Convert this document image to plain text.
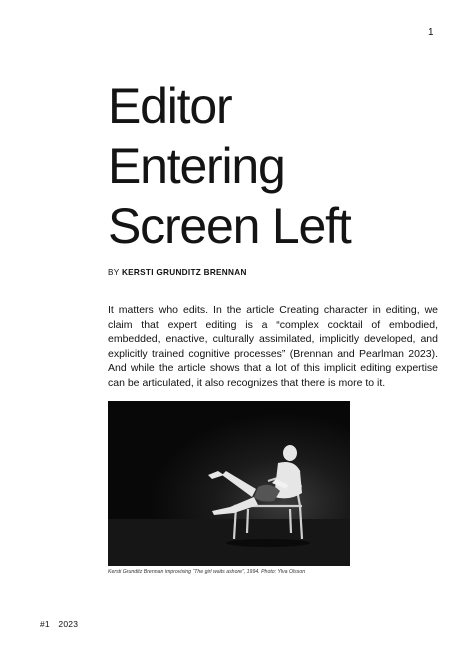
1
Editor
Entering
Screen Left
BY KERSTI GRUNDITZ BRENNAN

It matters who edits. In the article Creating character in editing, we claim that expert editing is a “complex cocktail of embodied, embedded, enactive, culturally assimilated, implicitly developed, and explicitly trained cognitive processes” (Brennan and Pearlman 2023). And while the article shows that a lot of this implicit editing expertise can be articulated, it also recognizes that there is more to it.

Kersti Grunditz Brennan improvising “The girl waits ashore”, 1994. Photo: Ylva Olsson
#1 2023
